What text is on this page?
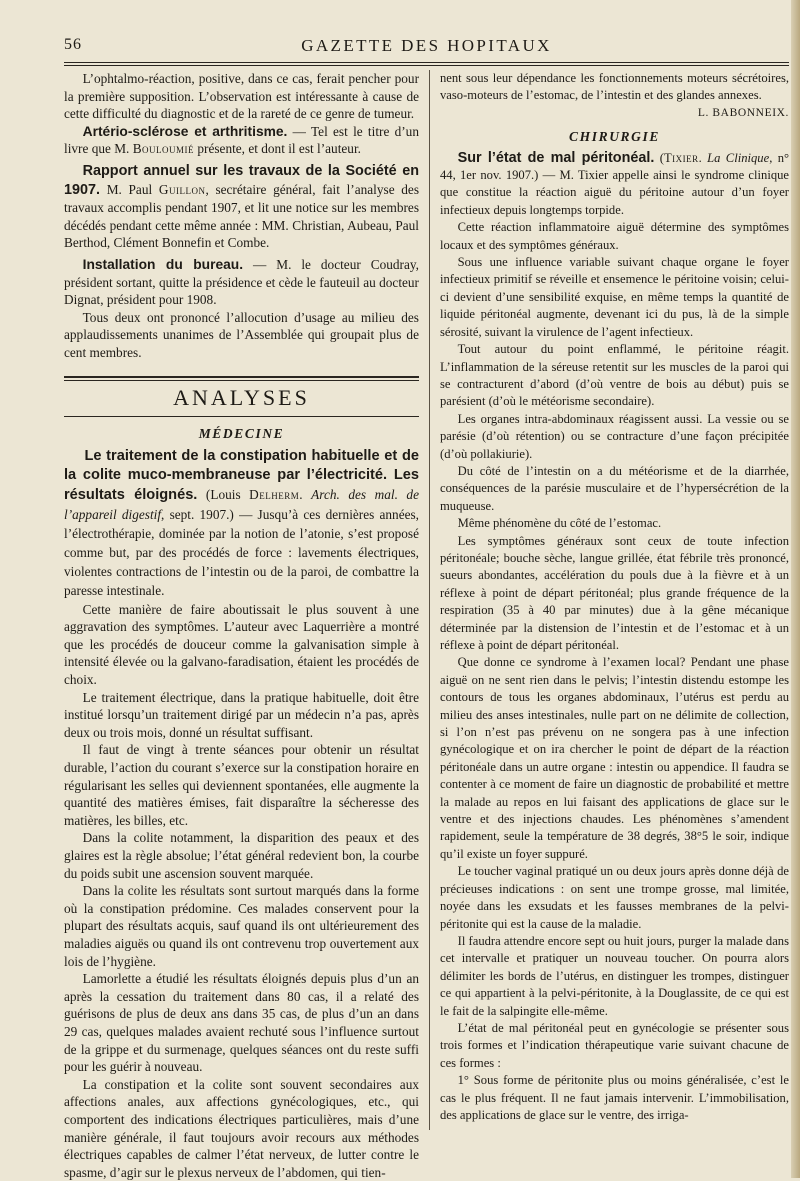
56	GAZETTE DES HOPITAUX

L’ophtalmo-réaction, positive, dans ce cas, ferait pencher pour la première supposition. L’observation est intéressante à cause de cette difficulté du diagnostic et de la rareté de ce genre de tumeur.

Artério-sclérose et arthritisme. — Tel est le titre d’un livre que M. Bouloumié présente, et dont il est l’auteur.

Rapport annuel sur les travaux de la Société en 1907. M. Paul Guillon, secrétaire général, fait l’analyse des travaux accomplis pendant 1907, et lit une notice sur les membres décédés pendant cette même année : MM. Christian, Aubeau, Paul Berthod, Clément Bonnefin et Combe.

Installation du bureau. — M. le docteur Coudray, président sortant, quitte la présidence et cède le fauteuil au docteur Dignat, président pour 1908.

Tous deux ont prononcé l’allocution d’usage au milieu des applaudissements unanimes de l’Assemblée qui groupait plus de cent membres.

ANALYSES
MÉDECINE

Le traitement de la constipation habituelle et de la colite muco-membraneuse par l’électricité. Les résultats éloignés. (Louis Delherm. Arch. des mal. de l’appareil digestif, sept. 1907.) — Jusqu’à ces dernières années, l’électrothérapie, dominée par la notion de l’atonie, s’est proposé comme but, par des procédés de force : lavements électriques, violentes contractions de l’intestin ou de la paroi, de combattre la paresse intestinale.

Cette manière de faire aboutissait le plus souvent à une aggravation des symptômes. L’auteur avec Laquerrière a montré que les procédés de douceur comme la galvanisation simple à intensité élevée ou la galvano-faradisation, étaient les procédés de choix.

Le traitement électrique, dans la pratique habituelle, doit être institué lorsqu’un traitement dirigé par un médecin n’a pas, après deux ou trois mois, donné un résultat suffisant.

Il faut de vingt à trente séances pour obtenir un résultat durable, l’action du courant s’exerce sur la constipation horaire en régularisant les selles qui deviennent spontanées, elle augmente la quantité des matières émises, fait disparaître la sécheresse des matières, les billes, etc.

Dans la colite notamment, la disparition des peaux et des glaires est la règle absolue; l’état général redevient bon, la courbe du poids subit une ascension souvent marquée.

Dans la colite les résultats sont surtout marqués dans la forme où la constipation prédomine. Ces malades conservent pour la plupart des résultats acquis, sauf quand ils ont ultérieurement des maladies aiguës ou quand ils ont contrevenu trop ouvertement aux lois de l’hygiène.

Lamorlette a étudié les résultats éloignés depuis plus d’un an après la cessation du traitement dans 80 cas, il a relaté des guérisons de plus de deux ans dans 35 cas, de plus d’un an dans 29 cas, quelques malades avaient rechuté sous l’influence surtout de la grippe et du surmenage, quelques séances ont du reste suffi pour les guérir à nouveau.

La constipation et la colite sont souvent secondaires aux affections anales, aux affections gynécologiques, etc., qui comportent des indications électriques particulières, mais d’une manière générale, il faut toujours avoir recours aux méthodes électriques capables de calmer l’état nerveux, de lutter contre le spasme, d’agir sur le plexus nerveux de l’abdomen, qui tien-

nent sous leur dépendance les fonctionnements moteurs sécrétoires, vaso-moteurs de l’estomac, de l’intestin et des glandes annexes.

L. BABONNEIX.
CHIRURGIE

Sur l’état de mal péritonéal. (Tixier. La Clinique, n° 44, 1er nov. 1907.) — M. Tixier appelle ainsi le syndrome clinique que constitue la réaction aiguë du péritoine autour d’un foyer infectieux depuis longtemps torpide.

Cette réaction inflammatoire aiguë détermine des symptômes locaux et des symptômes généraux.

Sous une influence variable suivant chaque organe le foyer infectieux primitif se réveille et ensemence le péritoine voisin; celui-ci devient d’une sensibilité exquise, en même temps la quantité de liquide péritonéal augmente, devenant ici du pus, là de la simple sérosité, suivant la virulence de l’agent infectieux.

Tout autour du point enflammé, le péritoine réagit. L’inflammation de la séreuse retentit sur les muscles de la paroi qui se contracturent d’abord (d’où ventre de bois au début) puis se parésient (d’où le météorisme secondaire).

Les organes intra-abdominaux réagissent aussi. La vessie ou se parésie (d’où rétention) ou se contracture d’une façon précipitée (d’où pollakiurie).

Du côté de l’intestin on a du météorisme et de la diarrhée, conséquences de la parésie musculaire et de l’hypersécrétion de la muqueuse.

Même phénomène du côté de l’estomac.

Les symptômes généraux sont ceux de toute infection péritonéale; bouche sèche, langue grillée, état fébrile très prononcé, sueurs abondantes, accélération du pouls due à la fièvre et à un réflexe à point de départ péritonéal; plus grande fréquence de la respiration (35 à 40 par minutes) due à la gêne mécanique déterminée par la distension de l’intestin et de l’estomac et à un réflexe à point de départ péritonéal.

Que donne ce syndrome à l’examen local? Pendant une phase aiguë on ne sent rien dans le pelvis; l’intestin distendu estompe les contours de tous les organes abdominaux, l’utérus est perdu au milieu des anses intestinales, nulle part on ne délimite de collection, si l’on n’est pas prévenu on ne songera pas à une infection gynécologique et on ira chercher le point de départ de la réaction péritonéale dans un autre organe : intestin ou appendice. Il faudra se contenter à ce moment de faire un diagnostic de probabilité et mettre la malade au repos en lui faisant des applications de glace sur le ventre et des injections chaudes. Les phénomènes s’amendent rapidement, seule la température de 38 degrés, 38°5 le soir, indique qu’il existe un foyer suppuré.

Le toucher vaginal pratiqué un ou deux jours après donne déjà de précieuses indications : on sent une trompe grosse, mal limitée, noyée dans les exsudats et les fausses membranes de la pelvi-péritonite qui est la cause de la maladie.

Il faudra attendre encore sept ou huit jours, purger la malade dans cet intervalle et pratiquer un nouveau toucher. On pourra alors délimiter les bords de l’utérus, en distinguer les trompes, distinguer ce qui appartient à la pelvi-péritonite, à la Douglassite, de ce qui est le fait de la salpingite elle-même.

L’état de mal péritonéal peut en gynécologie se présenter sous trois formes et l’indication thérapeutique varie suivant chacune de ces formes :

1° Sous forme de péritonite plus ou moins généralisée, c’est le cas le plus fréquent. Il ne faut jamais intervenir. L’immobilisation, des applications de glace sur le ventre, des irriga-
